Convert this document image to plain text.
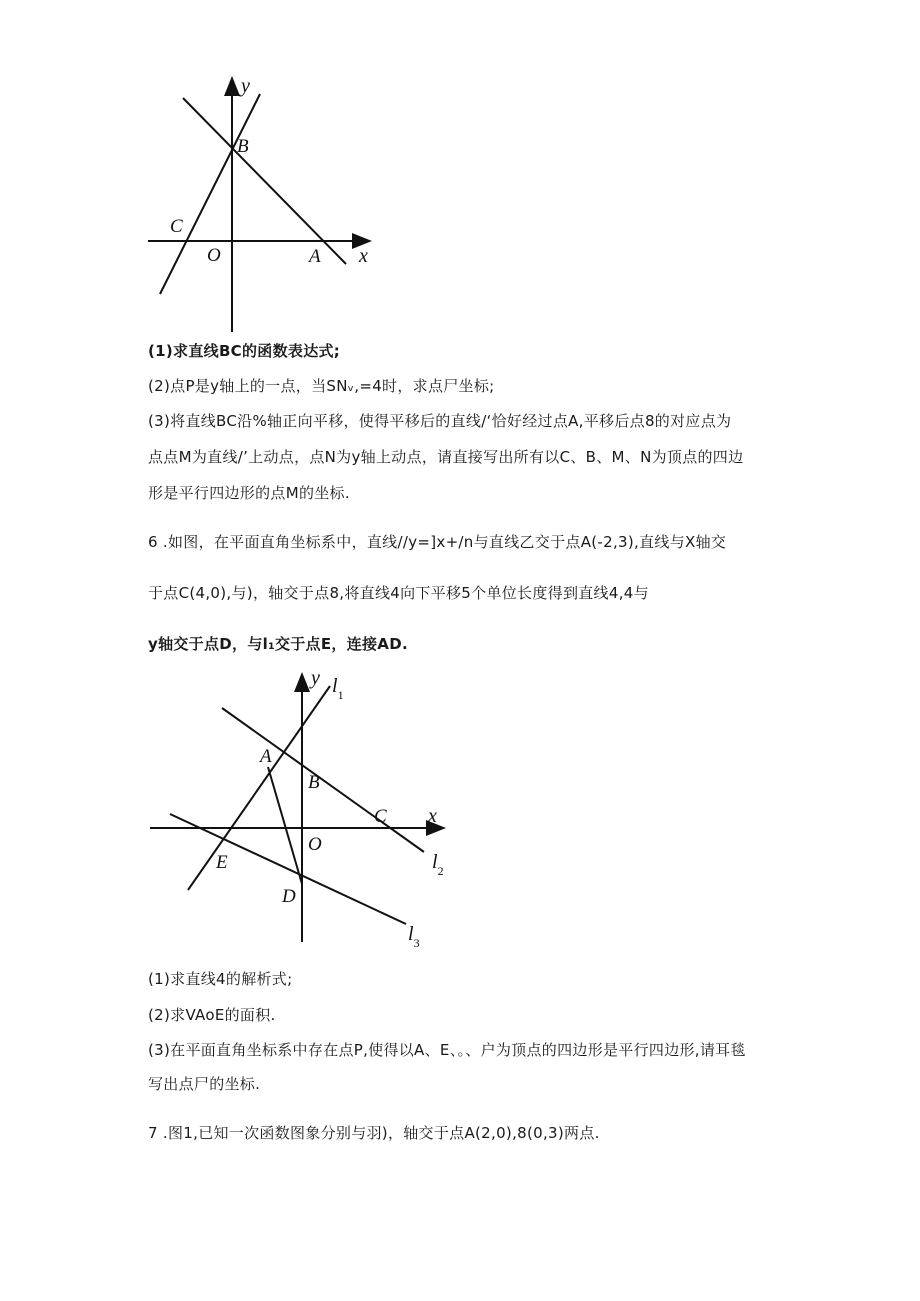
y
x
B
C
O	A
(1)求直线BC的函数表达式;
(2)点P是y轴上的一点，当SNᵥ,=4时，求点尸坐标;
(3)将直线BC沿%轴正向平移，使得平移后的直线/‘恰好经过点A,平移后点8的对应点为
点点M为直线/’上动点，点N为y轴上动点，请直接写出所有以C、B、M、N为顶点的四边
形是平行四边形的点M的坐标.
6 .如图，在平面直角坐标系中，直线//y=]x+/n与直线乙交于点A(-2,3),直线与X轴交
于点C(4,0),与)，轴交于点8,将直线4向下平移5个单位长度得到直线4,4与
y轴交于点D，与l₁交于点E，连接AD.
y $l_1$
A
B
C x
O
E	$l_2$
D
$l_3$
(1)求直线4的解析式;
(2)求VAoE的面积.
(3)在平面直角坐标系中存在点P,使得以A、E、。、户为顶点的四边形是平行四边形,请耳毯
写出点尸的坐标.
7 .图1,已知一次函数图象分别与羽)，轴交于点A(2,0),8(0,3)两点.
